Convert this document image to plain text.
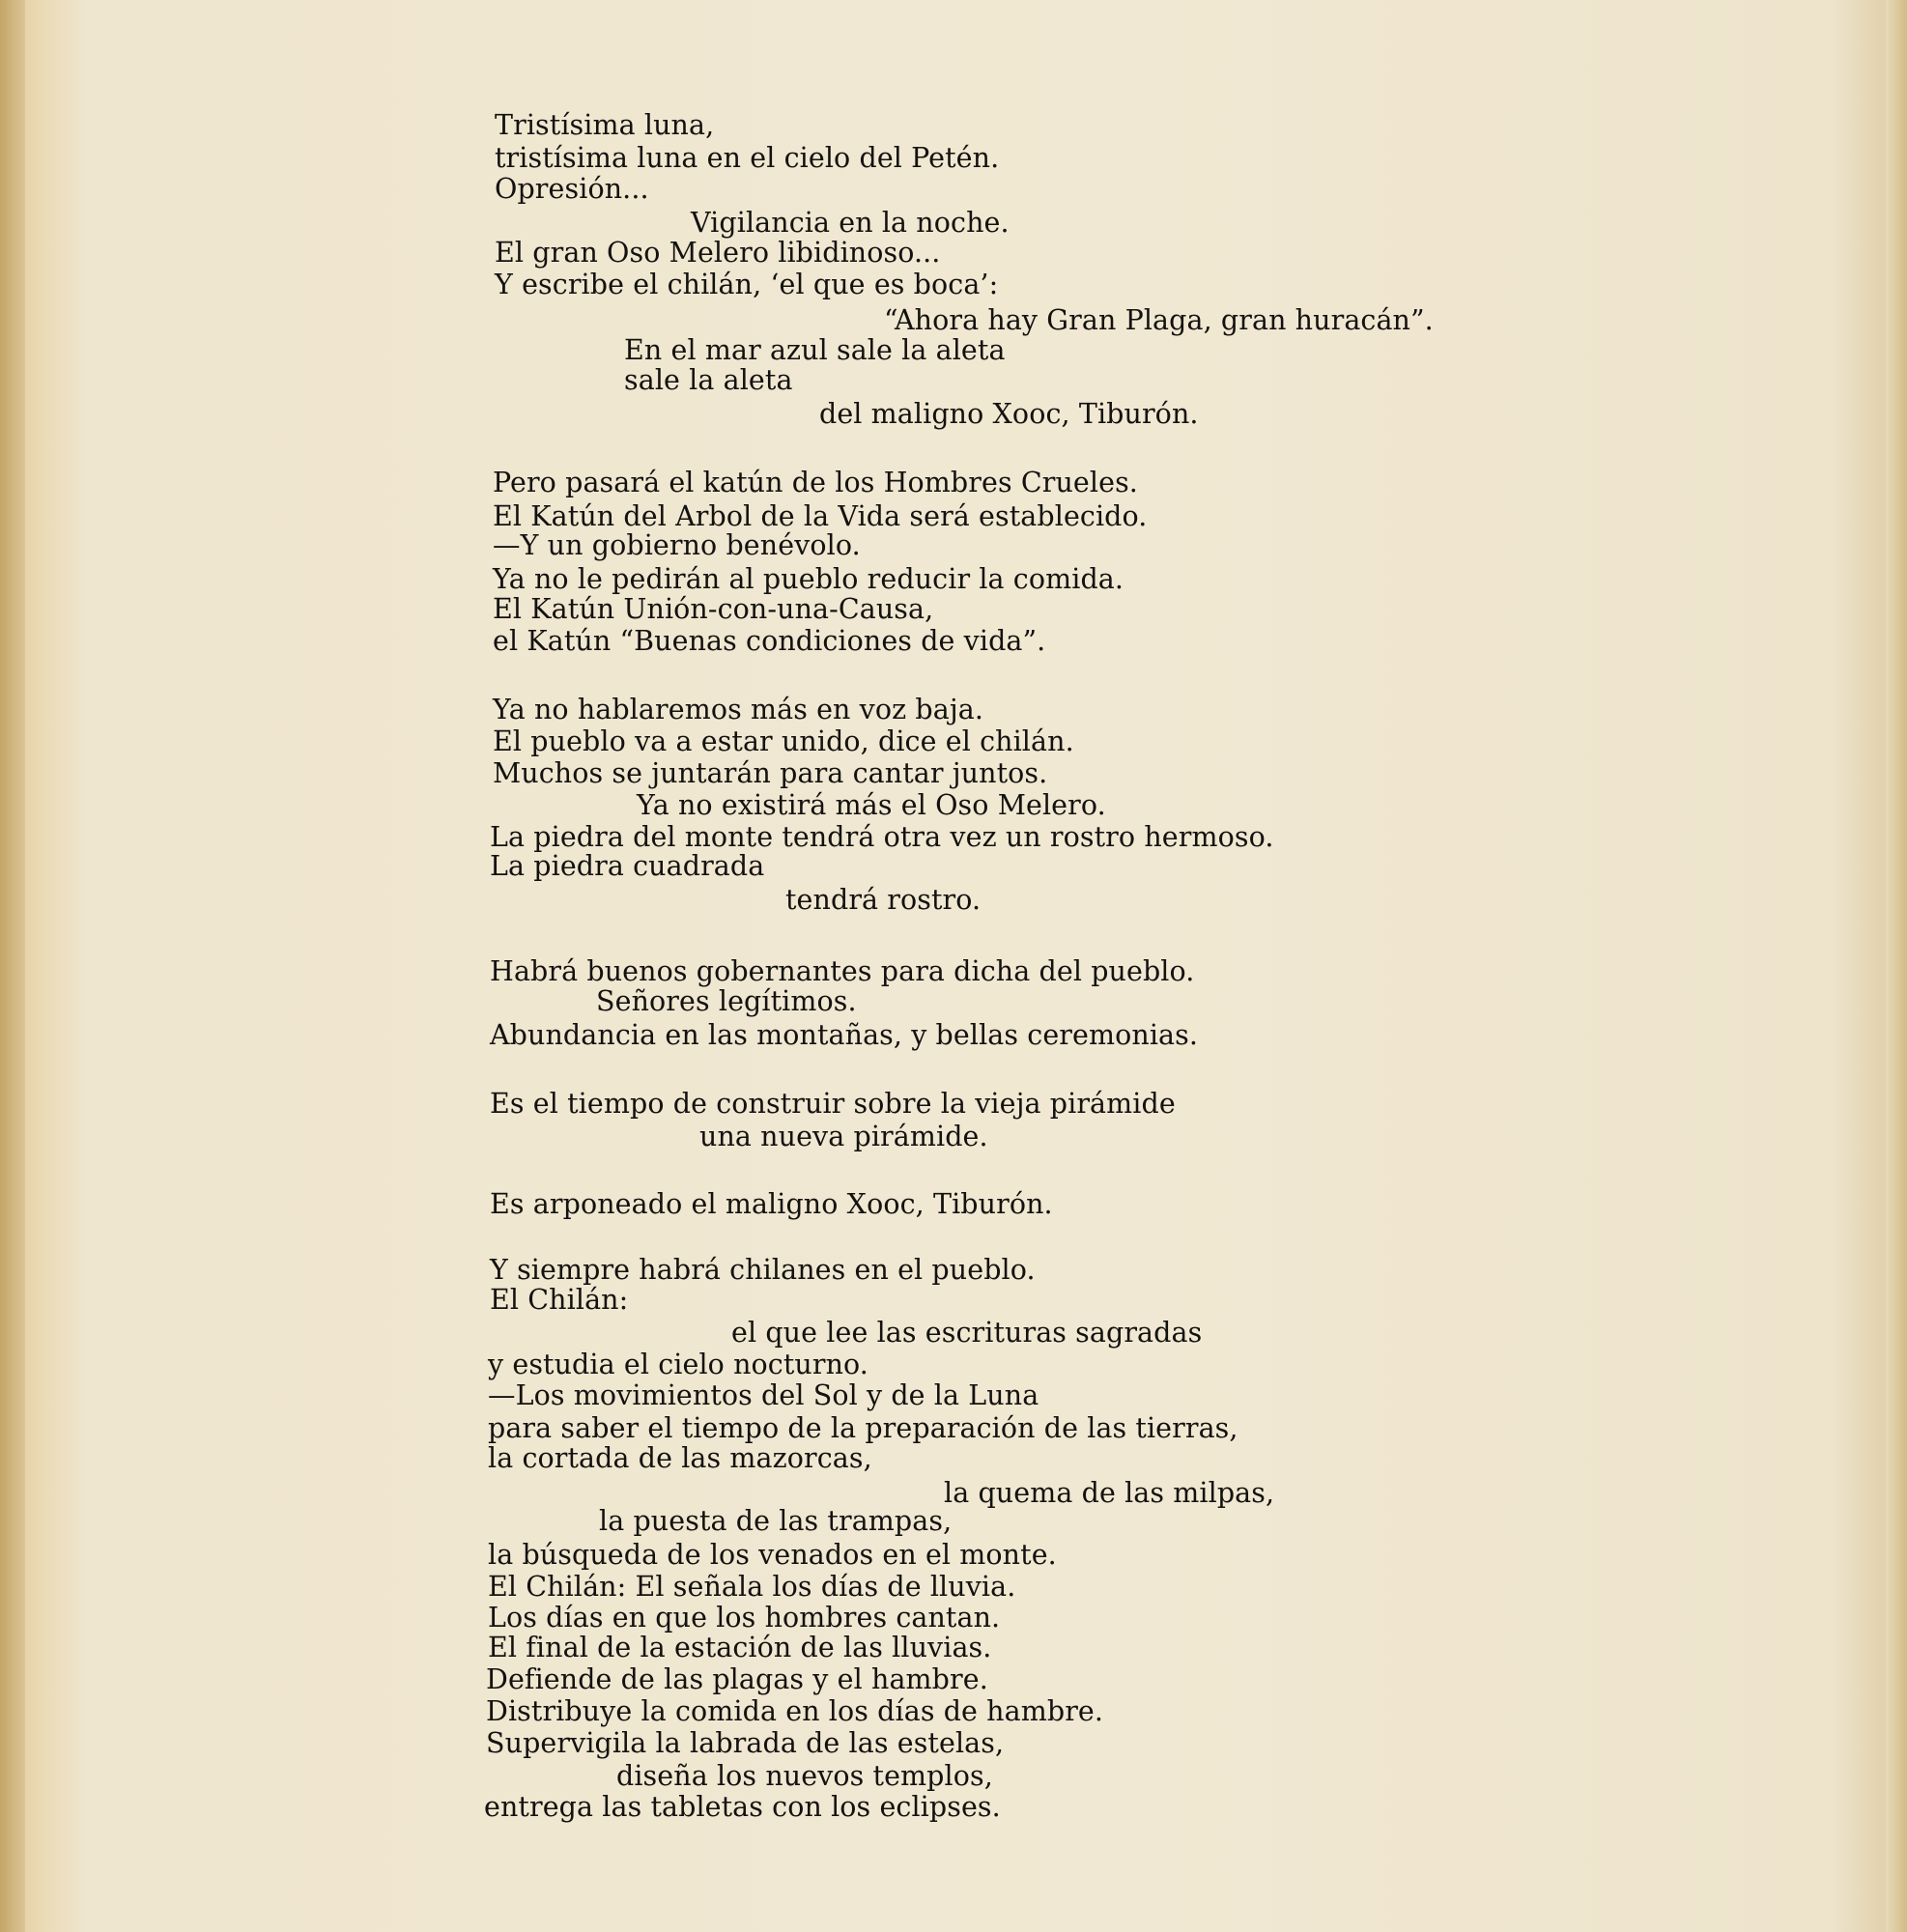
Tristísima luna,
tristísima luna en el cielo del Petén.
Opresión...
Vigilancia en la noche.
El gran Oso Melero libidinoso...
Y escribe el chilán, ‘el que es boca’:
“Ahora hay Gran Plaga, gran huracán”.
En el mar azul sale la aleta
sale la aleta
del maligno Xooc, Tiburón.
Pero pasará el katún de los Hombres Crueles.
El Katún del Arbol de la Vida será establecido.
—Y un gobierno benévolo.
Ya no le pedirán al pueblo reducir la comida.
El Katún Unión-con-una-Causa,
el Katún “Buenas condiciones de vida”.
Ya no hablaremos más en voz baja.
El pueblo va a estar unido, dice el chilán.
Muchos se juntarán para cantar juntos.
Ya no existirá más el Oso Melero.
La piedra del monte tendrá otra vez un rostro hermoso.
La piedra cuadrada
tendrá rostro.
Habrá buenos gobernantes para dicha del pueblo.
Señores legítimos.
Abundancia en las montañas, y bellas ceremonias.
Es el tiempo de construir sobre la vieja pirámide
una nueva pirámide.
Es arponeado el maligno Xooc, Tiburón.
Y siempre habrá chilanes en el pueblo.
El Chilán:
el que lee las escrituras sagradas
y estudia el cielo nocturno.
—Los movimientos del Sol y de la Luna
para saber el tiempo de la preparación de las tierras,
la cortada de las mazorcas,
la quema de las milpas,
la puesta de las trampas,
la búsqueda de los venados en el monte.
El Chilán: El señala los días de lluvia.
Los días en que los hombres cantan.
El final de la estación de las lluvias.
Defiende de las plagas y el hambre.
Distribuye la comida en los días de hambre.
Supervigila la labrada de las estelas,
diseña los nuevos templos,
entrega las tabletas con los eclipses.
